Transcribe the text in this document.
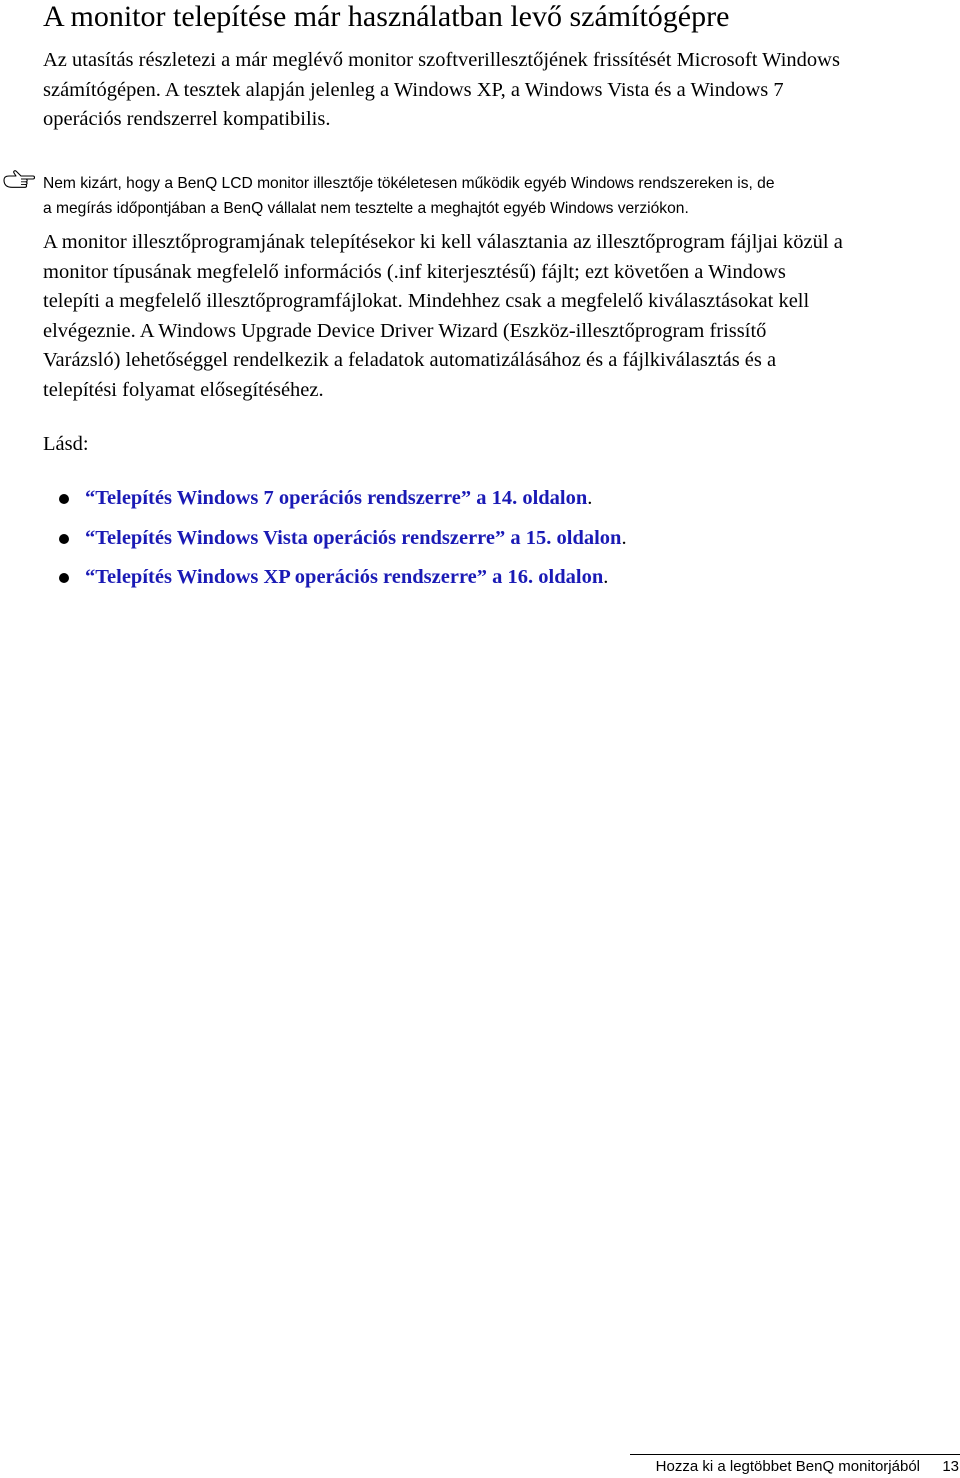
A monitor telepítése már használatban levő számítógépre

Az utasítás részletezi a már meglévő monitor szoftverillesztőjének frissítését Microsoft Windows
számítógépen. A tesztek alapján jelenleg a Windows XP, a Windows Vista és a Windows 7
operációs rendszerrel kompatibilis.

Nem kizárt, hogy a BenQ LCD monitor illesztője tökéletesen működik egyéb Windows rendszereken is, de
a megírás időpontjában a BenQ vállalat nem tesztelte a meghajtót egyéb Windows verziókon.

A monitor illesztőprogramjának telepítésekor ki kell választania az illesztőprogram fájljai közül a
monitor típusának megfelelő információs (.inf kiterjesztésű) fájlt; ezt követően a Windows
telepíti a megfelelő illesztőprogramfájlokat. Mindehhez csak a megfelelő kiválasztásokat kell
elvégeznie. A Windows Upgrade Device Driver Wizard (Eszköz-illesztőprogram frissítő
Varázsló) lehetőséggel rendelkezik a feladatok automatizálásához és a fájlkiválasztás és a
telepítési folyamat elősegítéséhez.

Lásd:

“Telepítés Windows 7 operációs rendszerre” a 14. oldalon.
“Telepítés Windows Vista operációs rendszerre” a 15. oldalon.
“Telepítés Windows XP operációs rendszerre” a 16. oldalon.
Hozza ki a legtöbbet BenQ monitorjából 13
